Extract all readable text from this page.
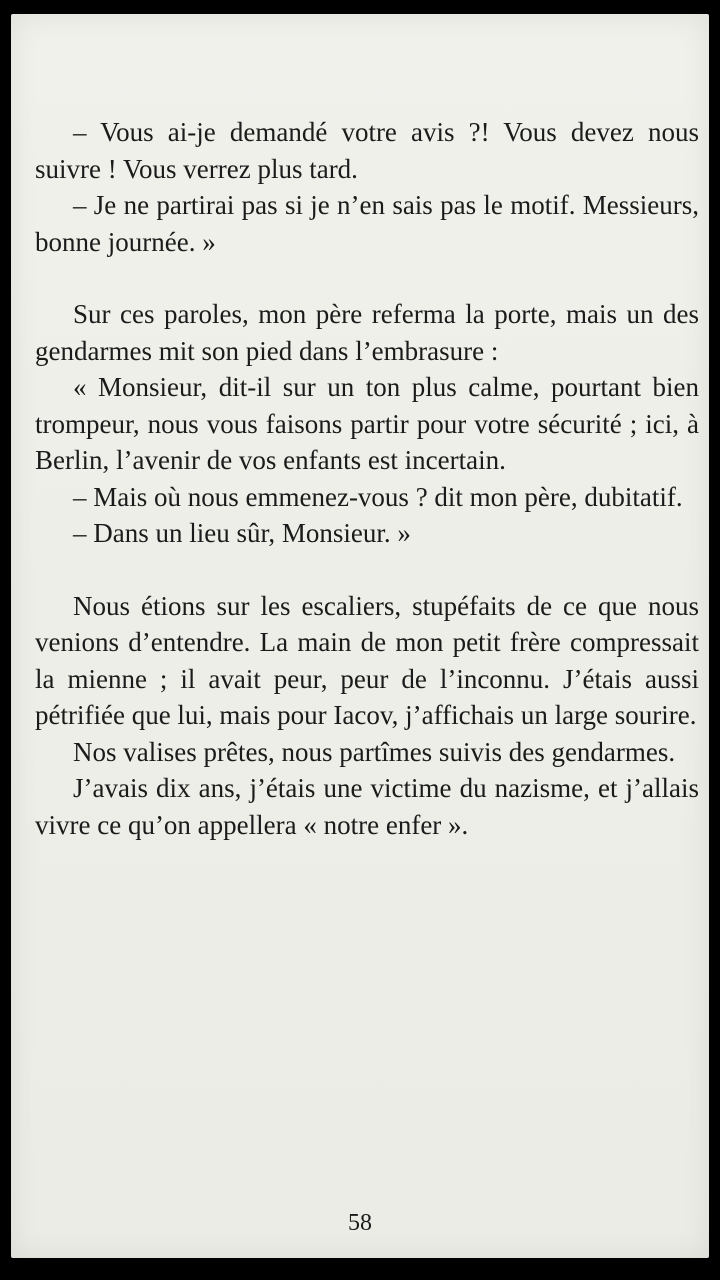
– Vous ai-je demandé votre avis ?! Vous devez nous suivre ! Vous verrez plus tard.

– Je ne partirai pas si je n’en sais pas le motif. Messieurs, bonne journée. »

Sur ces paroles, mon père referma la porte, mais un des gendarmes mit son pied dans l’embrasure :

« Monsieur, dit-il sur un ton plus calme, pourtant bien trompeur, nous vous faisons partir pour votre sécurité ; ici, à Berlin, l’avenir de vos enfants est incertain.

– Mais où nous emmenez-vous ? dit mon père, dubitatif.

– Dans un lieu sûr, Monsieur. »

Nous étions sur les escaliers, stupéfaits de ce que nous venions d’entendre. La main de mon petit frère compressait la mienne ; il avait peur, peur de l’inconnu. J’étais aussi pétrifiée que lui, mais pour Iacov, j’affichais un large sourire.

Nos valises prêtes, nous partîmes suivis des gendarmes.

J’avais dix ans, j’étais une victime du nazisme, et j’allais vivre ce qu’on appellera « notre enfer ».

58
